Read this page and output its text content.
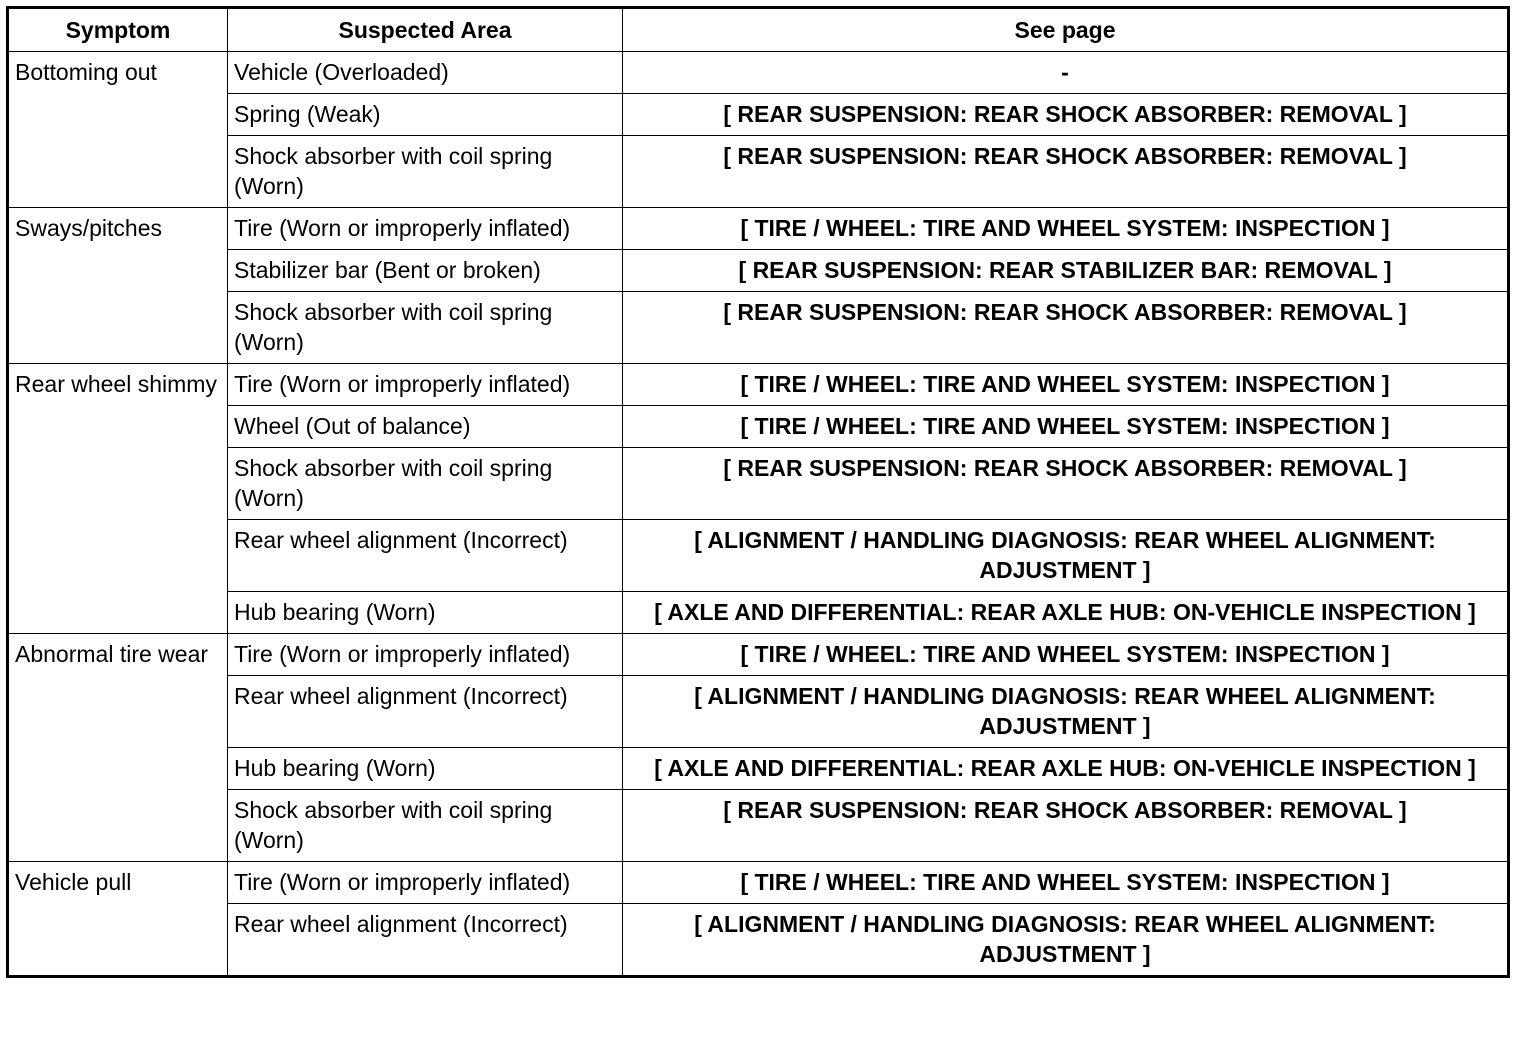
Symptom	Suspected Area	See page
Bottoming out	Vehicle (Overloaded)	-
	Spring (Weak)	[ REAR SUSPENSION: REAR SHOCK ABSORBER: REMOVAL ]
	Shock absorber with coil spring (Worn)	[ REAR SUSPENSION: REAR SHOCK ABSORBER: REMOVAL ]
Sways/pitches	Tire (Worn or improperly inflated)	[ TIRE / WHEEL: TIRE AND WHEEL SYSTEM: INSPECTION ]
	Stabilizer bar (Bent or broken)	[ REAR SUSPENSION: REAR STABILIZER BAR: REMOVAL ]
	Shock absorber with coil spring (Worn)	[ REAR SUSPENSION: REAR SHOCK ABSORBER: REMOVAL ]
Rear wheel shimmy	Tire (Worn or improperly inflated)	[ TIRE / WHEEL: TIRE AND WHEEL SYSTEM: INSPECTION ]
	Wheel (Out of balance)	[ TIRE / WHEEL: TIRE AND WHEEL SYSTEM: INSPECTION ]
	Shock absorber with coil spring (Worn)	[ REAR SUSPENSION: REAR SHOCK ABSORBER: REMOVAL ]
	Rear wheel alignment (Incorrect)	[ ALIGNMENT / HANDLING DIAGNOSIS: REAR WHEEL ALIGNMENT: ADJUSTMENT ]
	Hub bearing (Worn)	[ AXLE AND DIFFERENTIAL: REAR AXLE HUB: ON-VEHICLE INSPECTION ]
Abnormal tire wear	Tire (Worn or improperly inflated)	[ TIRE / WHEEL: TIRE AND WHEEL SYSTEM: INSPECTION ]
	Rear wheel alignment (Incorrect)	[ ALIGNMENT / HANDLING DIAGNOSIS: REAR WHEEL ALIGNMENT: ADJUSTMENT ]
	Hub bearing (Worn)	[ AXLE AND DIFFERENTIAL: REAR AXLE HUB: ON-VEHICLE INSPECTION ]
	Shock absorber with coil spring (Worn)	[ REAR SUSPENSION: REAR SHOCK ABSORBER: REMOVAL ]
Vehicle pull	Tire (Worn or improperly inflated)	[ TIRE / WHEEL: TIRE AND WHEEL SYSTEM: INSPECTION ]
	Rear wheel alignment (Incorrect)	[ ALIGNMENT / HANDLING DIAGNOSIS: REAR WHEEL ALIGNMENT: ADJUSTMENT ]
